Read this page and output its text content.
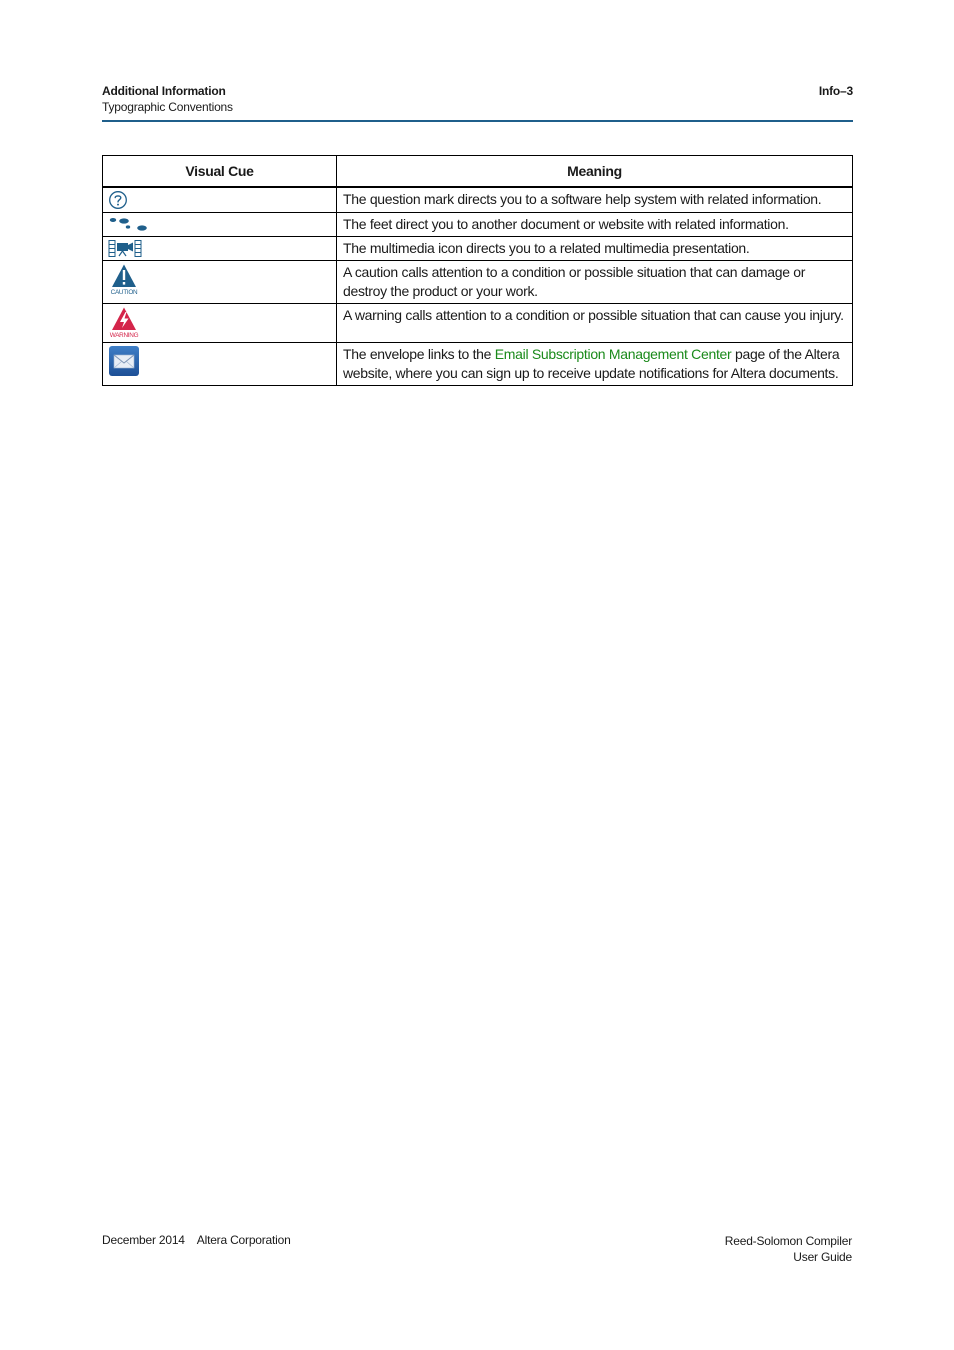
Additional Information
Typographic Conventions
Info–3
Visual Cue	Meaning

	The question mark directs you to a software help system with related information.

	The feet direct you to another document or website with related information.

	The multimedia icon directs you to a related multimedia presentation.

CAUTION	A caution calls attention to a condition or possible situation that can damage or destroy the product or your work.

WARNING	A warning calls attention to a condition or possible situation that can cause you injury.

	The envelope links to the Email Subscription Management Center page of the Altera website, where you can sign up to receive update notifications for Altera documents.
December 2014 Altera Corporation	Reed-Solomon Compiler
User Guide
